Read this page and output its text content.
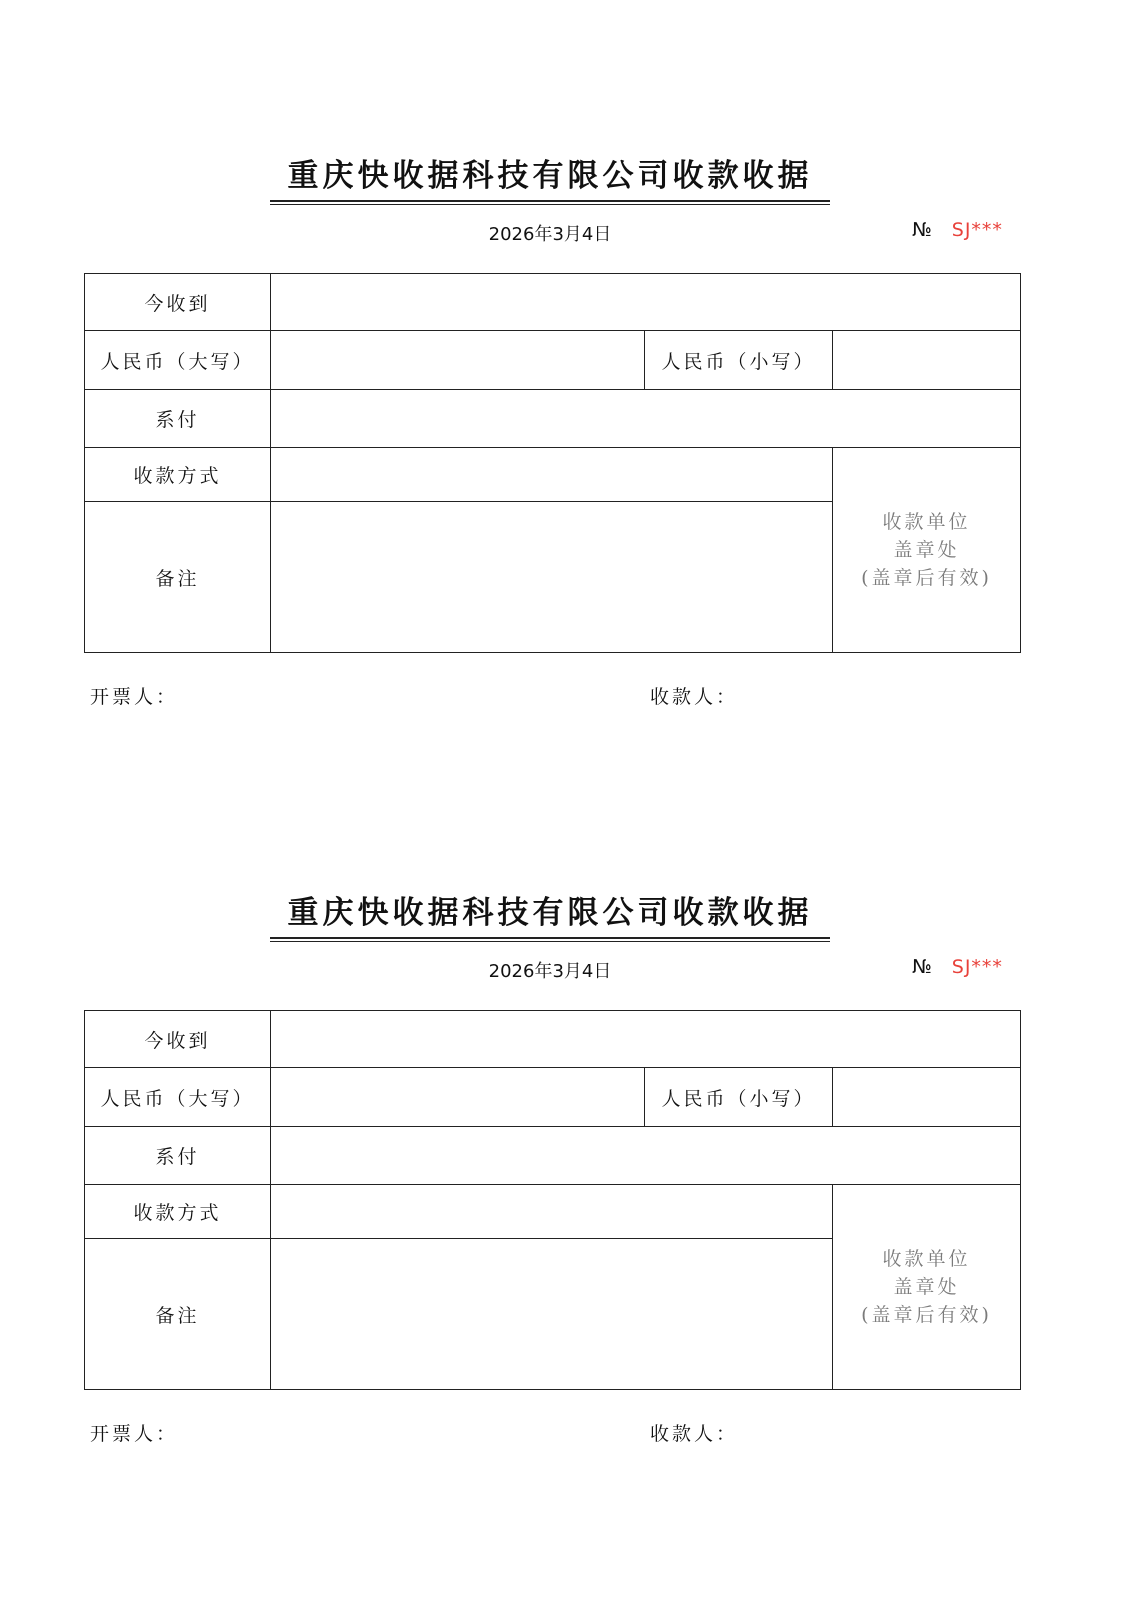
重庆快收据科技有限公司收款收据
2026年3月4日	№ SJ***
今收到			
人民币（大写）		人民币（小写）	
系付			
收款方式			收款单位
盖章处
(盖章后有效)

备注			
开票人：	收款人：
重庆快收据科技有限公司收款收据
2026年3月4日	№ SJ***
今收到			
人民币（大写）		人民币（小写）	
系付			
收款方式			收款单位
盖章处
(盖章后有效)

备注			
开票人：	收款人：
